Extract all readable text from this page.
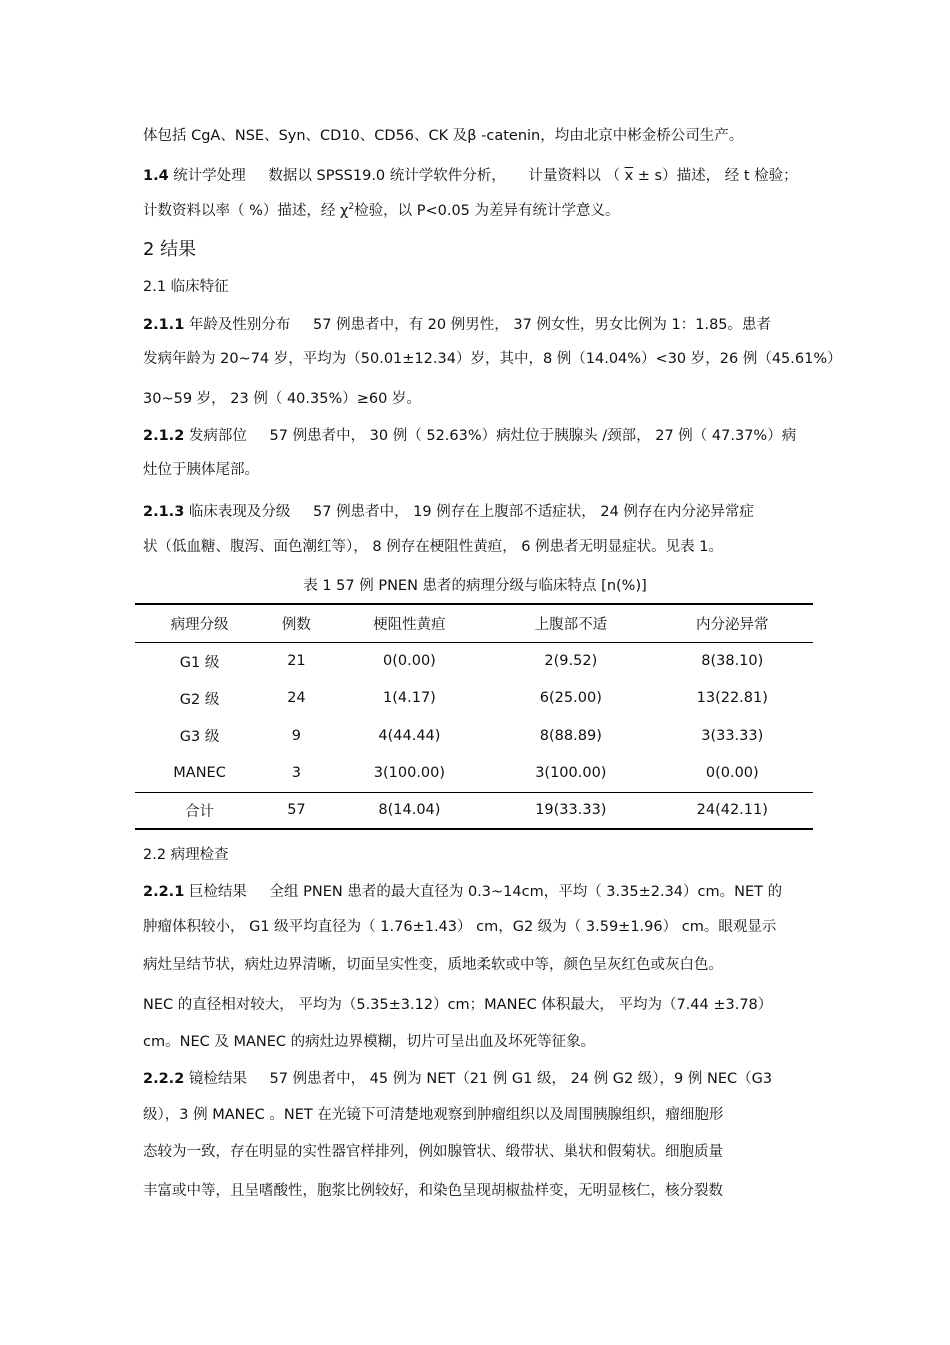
体包括 CgA、NSE、Syn、CD10、CD56、CK 及β -catenin，均由北京中彬金桥公司生产。
1.4 统计学处理 数据以 SPSS19.0 统计学软件分析， 计量资料以 （ $\overline{x} \pm s$）描述， 经 t 检验；
计数资料以率（ %）描述，经 $\chi^2$检验，以 P<0.05 为差异有统计学意义。
2 结果
2.1 临床特征
2.1.1 年龄及性别分布 57 例患者中，有 20 例男性， 37 例女性，男女比例为 1：1.85。患者
发病年龄为 20~74 岁，平均为（50.01±12.34）岁，其中，8 例（14.04%）<30 岁，26 例（45.61%）
30~59 岁， 23 例（ 40.35%）≥60 岁。
2.1.2 发病部位 57 例患者中， 30 例（ 52.63%）病灶位于胰腺头 /颈部， 27 例（ 47.37%）病
灶位于胰体尾部。
2.1.3 临床表现及分级 57 例患者中， 19 例存在上腹部不适症状， 24 例存在内分泌异常症
状（低血糖、腹泻、面色潮红等）， 8 例存在梗阻性黄疸， 6 例患者无明显症状。见表 1。
表 1 57 例 PNEN 患者的病理分级与临床特点 [n(%)]
病理分级	例数	梗阻性黄疸	上腹部不适	内分泌异常
G1 级	21	0(0.00)	2(9.52)	8(38.10)
G2 级	24	1(4.17)	6(25.00)	13(22.81)
G3 级	9	4(44.44)	8(88.89)	3(33.33)
MANEC	3	3(100.00)	3(100.00)	0(0.00)
合计	57	8(14.04)	19(33.33)	24(42.11)
2.2 病理检查
2.2.1 巨检结果 全组 PNEN 患者的最大直径为 0.3~14cm，平均（ 3.35±2.34）cm。NET 的
肿瘤体积较小， G1 级平均直径为（ 1.76±1.43） cm，G2 级为（ 3.59±1.96） cm。眼观显示
病灶呈结节状，病灶边界清晰，切面呈实性变，质地柔软或中等，颜色呈灰红色或灰白色。
NEC 的直径相对较大， 平均为（5.35±3.12）cm；MANEC 体积最大， 平均为（7.44 ±3.78）
cm。NEC 及 MANEC 的病灶边界模糊，切片可呈出血及坏死等征象。
2.2.2 镜检结果 57 例患者中， 45 例为 NET（21 例 G1 级， 24 例 G2 级），9 例 NEC（G3
级），3 例 MANEC 。NET 在光镜下可清楚地观察到肿瘤组织以及周围胰腺组织，瘤细胞形
态较为一致，存在明显的实性器官样排列，例如腺管状、缎带状、巢状和假菊状。细胞质量
丰富或中等，且呈嗜酸性，胞浆比例较好，和染色呈现胡椒盐样变，无明显核仁，核分裂数
